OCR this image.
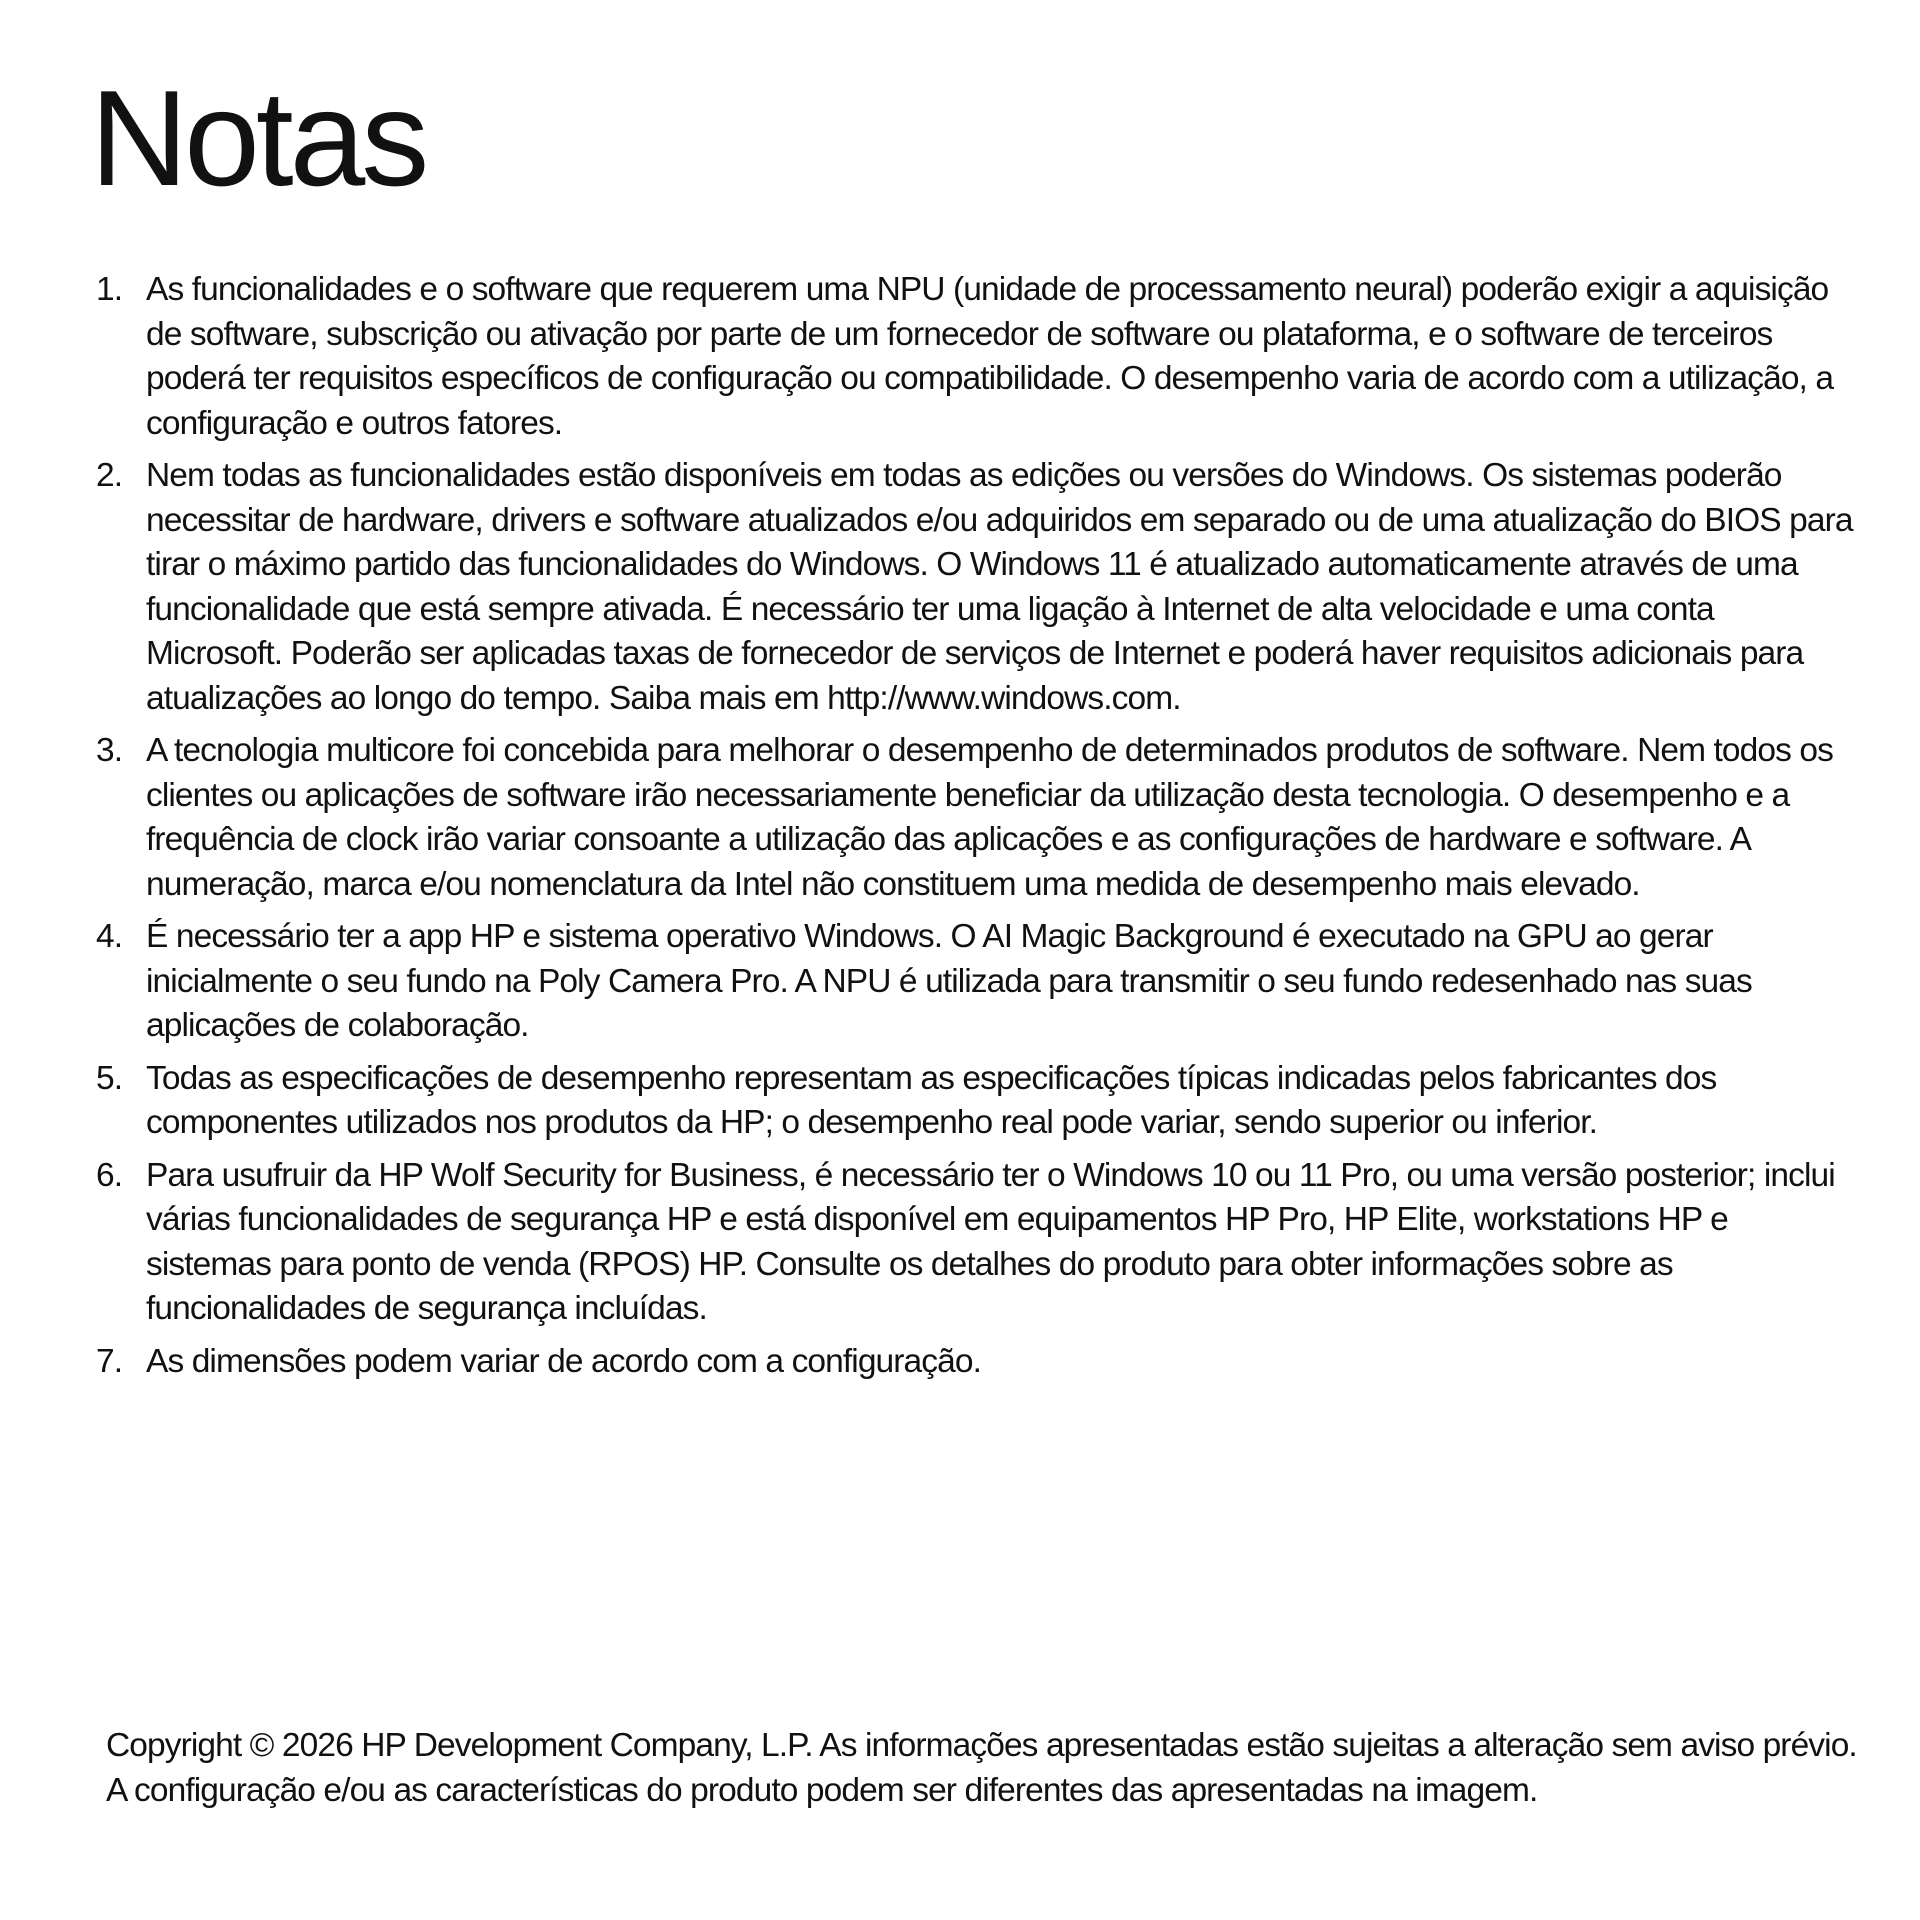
Notas
1. As funcionalidades e o software que requerem uma NPU (unidade de processamento neural) poderão exigir a aquisição de software, subscrição ou ativação por parte de um fornecedor de software ou plataforma, e o software de terceiros poderá ter requisitos específicos de configuração ou compatibilidade. O desempenho varia de acordo com a utilização, a configuração e outros fatores.
2. Nem todas as funcionalidades estão disponíveis em todas as edições ou versões do Windows. Os sistemas poderão necessitar de hardware, drivers e software atualizados e/ou adquiridos em separado ou de uma atualização do BIOS para tirar o máximo partido das funcionalidades do Windows. O Windows 11 é atualizado automaticamente através de uma funcionalidade que está sempre ativada. É necessário ter uma ligação à Internet de alta velocidade e uma conta Microsoft. Poderão ser aplicadas taxas de fornecedor de serviços de Internet e poderá haver requisitos adicionais para atualizações ao longo do tempo. Saiba mais em http://www.windows.com.
3. A tecnologia multicore foi concebida para melhorar o desempenho de determinados produtos de software. Nem todos os clientes ou aplicações de software irão necessariamente beneficiar da utilização desta tecnologia. O desempenho e a frequência de clock irão variar consoante a utilização das aplicações e as configurações de hardware e software. A numeração, marca e/ou nomenclatura da Intel não constituem uma medida de desempenho mais elevado.
4. É necessário ter a app HP e sistema operativo Windows. O AI Magic Background é executado na GPU ao gerar inicialmente o seu fundo na Poly Camera Pro. A NPU é utilizada para transmitir o seu fundo redesenhado nas suas aplicações de colaboração.
5. Todas as especificações de desempenho representam as especificações típicas indicadas pelos fabricantes dos componentes utilizados nos produtos da HP; o desempenho real pode variar, sendo superior ou inferior.
6. Para usufruir da HP Wolf Security for Business, é necessário ter o Windows 10 ou 11 Pro, ou uma versão posterior; inclui várias funcionalidades de segurança HP e está disponível em equipamentos HP Pro, HP Elite, workstations HP e sistemas para ponto de venda (RPOS) HP. Consulte os detalhes do produto para obter informações sobre as funcionalidades de segurança incluídas.
7. As dimensões podem variar de acordo com a configuração.

Copyright © 2026 HP Development Company, L.P. As informações apresentadas estão sujeitas a alteração sem aviso prévio. A configuração e/ou as características do produto podem ser diferentes das apresentadas na imagem.
